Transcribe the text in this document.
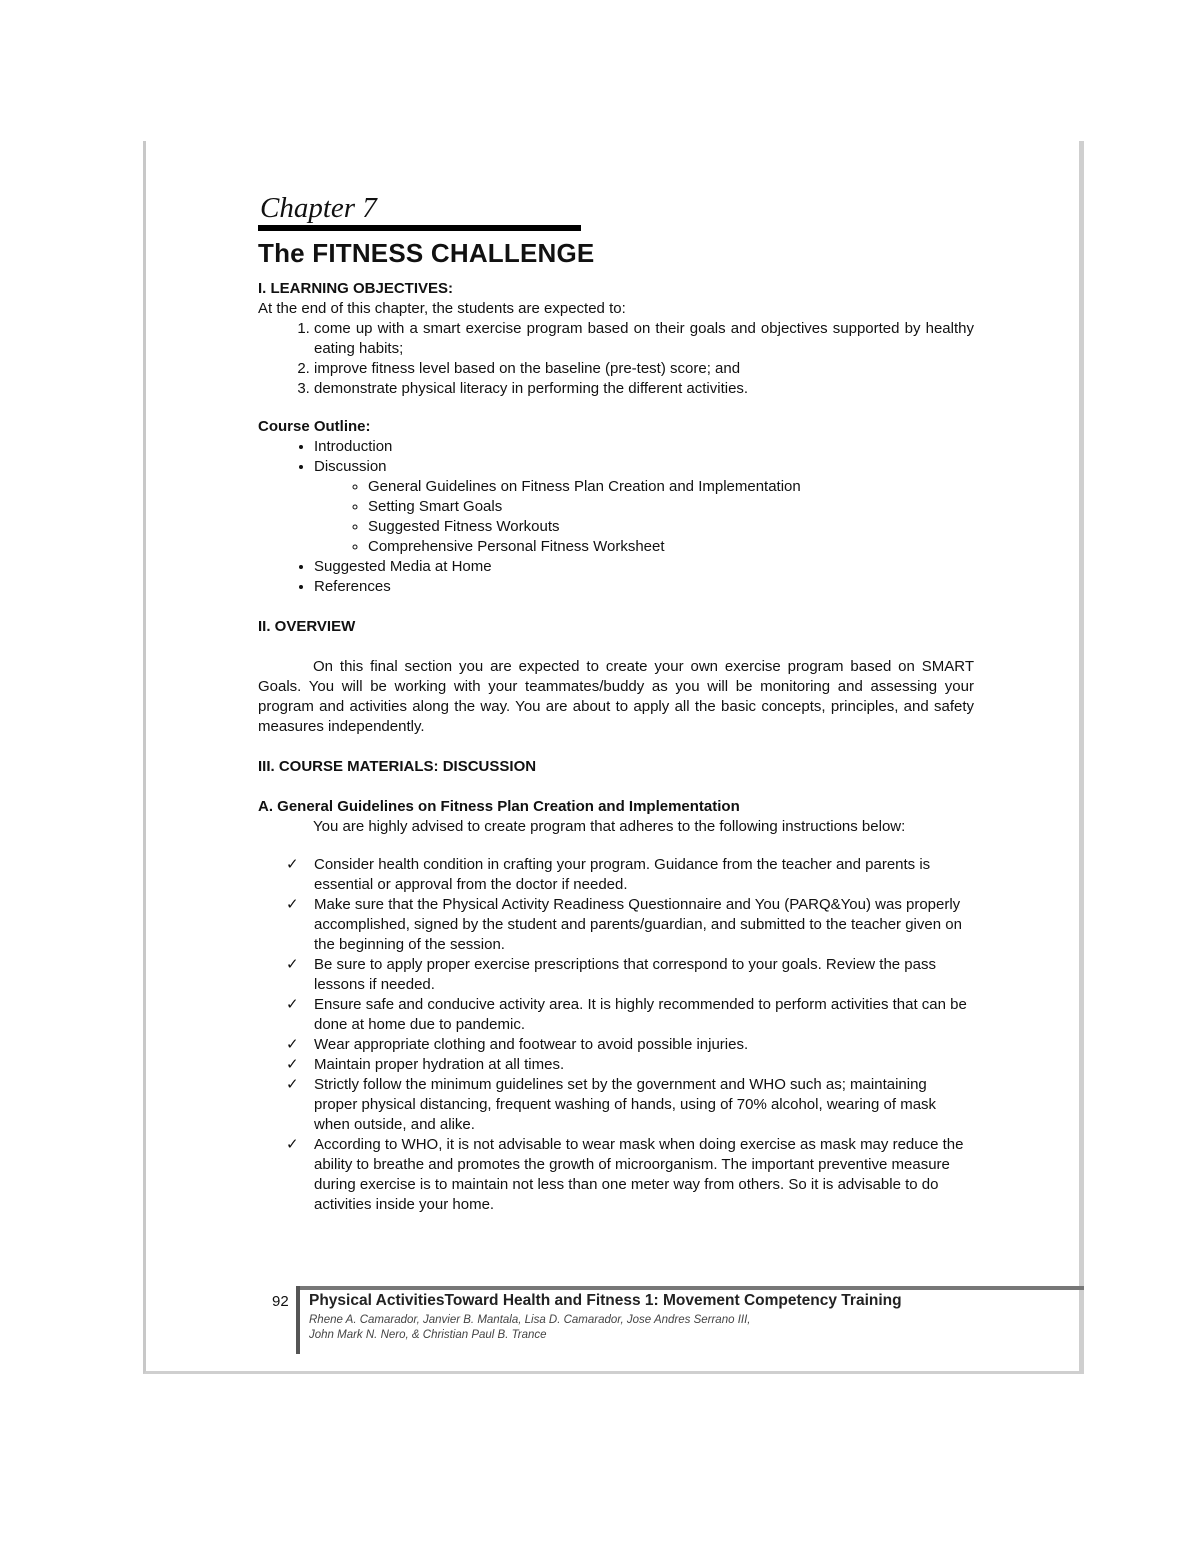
Chapter 7
The FITNESS CHALLENGE
I. LEARNING OBJECTIVES:

At the end of this chapter, the students are expected to:

1. come up with a smart exercise program based on their goals and objectives supported by healthy eating habits;
2. improve fitness level based on the baseline (pre-test) score; and
3. demonstrate physical literacy in performing the different activities.
Course Outline:
• Introduction
• Discussion
◦ General Guidelines on Fitness Plan Creation and Implementation
◦ Setting Smart Goals
◦ Suggested Fitness Workouts
◦ Comprehensive Personal Fitness Worksheet
• Suggested Media at Home
• References
II. OVERVIEW

On this final section you are expected to create your own exercise program based on SMART Goals. You will be working with your teammates/buddy as you will be monitoring and assessing your program and activities along the way. You are about to apply all the basic concepts, principles, and safety measures independently.

III. COURSE MATERIALS: DISCUSSION
A. General Guidelines on Fitness Plan Creation and Implementation

You are highly advised to create program that adheres to the following instructions below:

✓ Consider health condition in crafting your program. Guidance from the teacher and parents is essential or approval from the doctor if needed.
✓ Make sure that the Physical Activity Readiness Questionnaire and You (PARQ&You) was properly accomplished, signed by the student and parents/guardian, and submitted to the teacher given on the beginning of the session.
✓ Be sure to apply proper exercise prescriptions that correspond to your goals. Review the pass lessons if needed.
✓ Ensure safe and conducive activity area. It is highly recommended to perform activities that can be done at home due to pandemic.
✓ Wear appropriate clothing and footwear to avoid possible injuries.
✓ Maintain proper hydration at all times.
✓ Strictly follow the minimum guidelines set by the government and WHO such as; maintaining proper physical distancing, frequent washing of hands, using of 70% alcohol, wearing of mask when outside, and alike.
✓ According to WHO, it is not advisable to wear mask when doing exercise as mask may reduce the ability to breathe and promotes the growth of microorganism. The important preventive measure during exercise is to maintain not less than one meter way from others. So it is advisable to do activities inside your home.
92 Physical ActivitiesToward Health and Fitness 1: Movement Competency Training
Rhene A. Camarador, Janvier B. Mantala, Lisa D. Camarador, Jose Andres Serrano III,
John Mark N. Nero, & Christian Paul B. Trance
